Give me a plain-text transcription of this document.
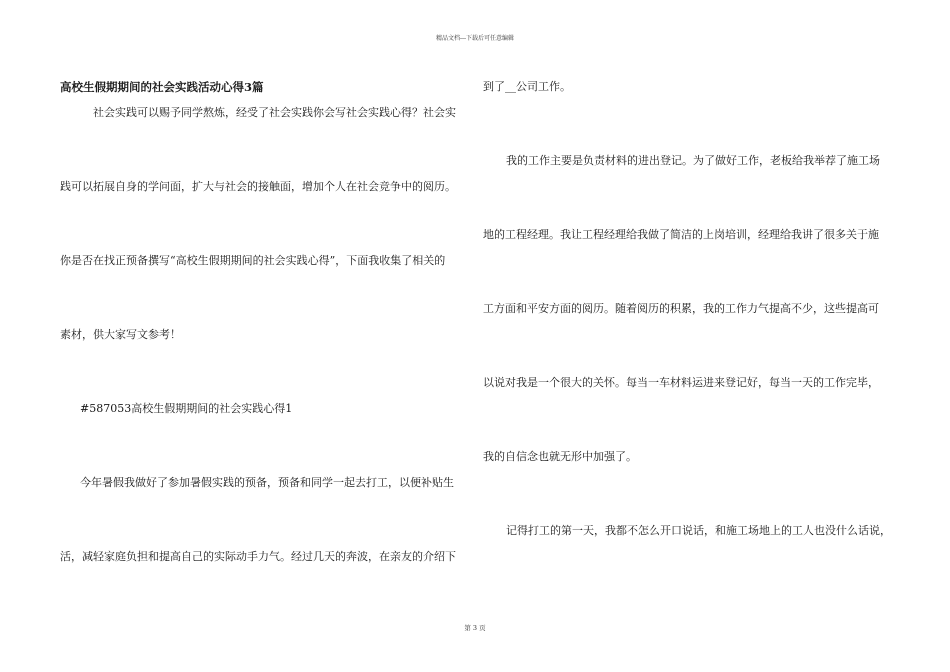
精品文档---下载后可任意编辑
高校生假期期间的社会实践活动心得3篇
社会实践可以赐予同学熬炼，经受了社会实践你会写社会实践心得？社会实
践可以拓展自身的学问面，扩大与社会的接触面，增加个人在社会竞争中的阅历。
你是否在找正预备撰写“高校生假期期间的社会实践心得”，下面我收集了相关的
素材，供大家写文参考！
#587053高校生假期期间的社会实践心得1
今年暑假我做好了参加暑假实践的预备，预备和同学一起去打工，以便补贴生
活，减轻家庭负担和提高自己的实际动手力气。经过几天的奔波，在亲友的介绍下
到了__公司工作。
我的工作主要是负责材料的进出登记。为了做好工作，老板给我举荐了施工场
地的工程经理。我让工程经理给我做了简洁的上岗培训，经理给我讲了很多关于施
工方面和平安方面的阅历。随着阅历的积累，我的工作力气提高不少，这些提高可
以说对我是一个很大的关怀。每当一车材料运进来登记好，每当一天的工作完毕，
我的自信念也就无形中加强了。
记得打工的第一天，我都不怎么开口说话，和施工场地上的工人也没什么话说，
第 3 页
